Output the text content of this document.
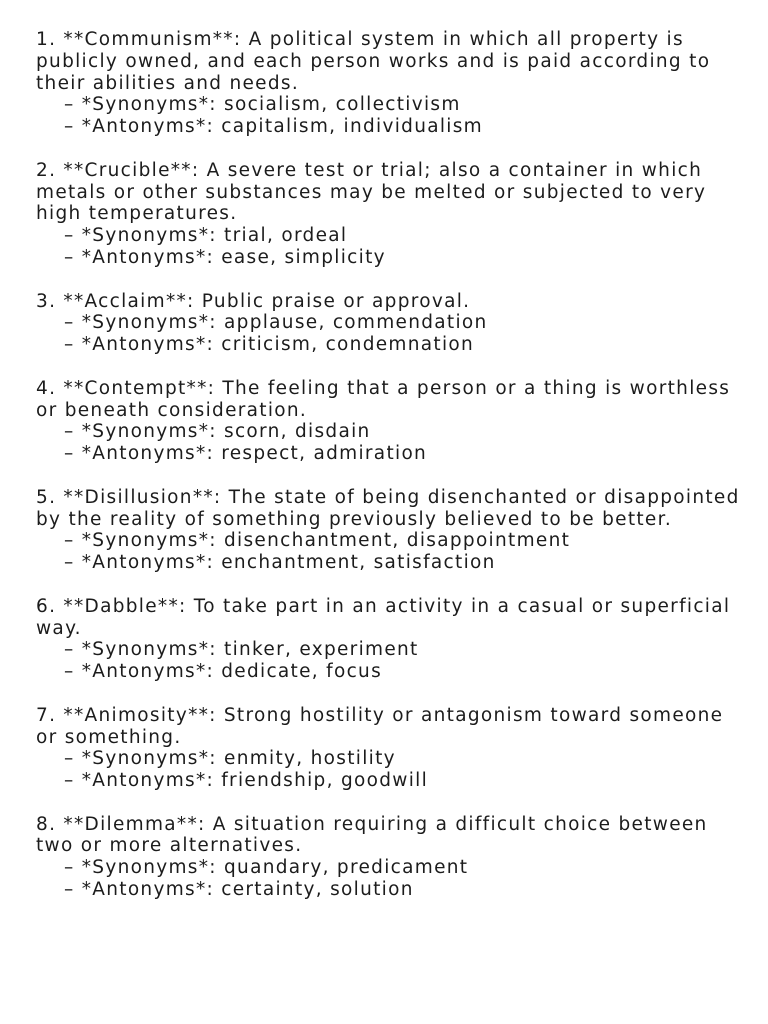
1. **Communism**: A political system in which all property is publicly owned, and each person works and is paid according to their abilities and needs.
– *Synonyms*: socialism, collectivism
– *Antonyms*: capitalism, individualism
2. **Crucible**: A severe test or trial; also a container in which metals or other substances may be melted or subjected to very high temperatures.
– *Synonyms*: trial, ordeal
– *Antonyms*: ease, simplicity
3. **Acclaim**: Public praise or approval.
– *Synonyms*: applause, commendation
– *Antonyms*: criticism, condemnation
4. **Contempt**: The feeling that a person or a thing is worthless or beneath consideration.
– *Synonyms*: scorn, disdain
– *Antonyms*: respect, admiration
5. **Disillusion**: The state of being disenchanted or disappointed by the reality of something previously believed to be better.
– *Synonyms*: disenchantment, disappointment
– *Antonyms*: enchantment, satisfaction
6. **Dabble**: To take part in an activity in a casual or superficial way.
– *Synonyms*: tinker, experiment
– *Antonyms*: dedicate, focus
7. **Animosity**: Strong hostility or antagonism toward someone or something.
– *Synonyms*: enmity, hostility
– *Antonyms*: friendship, goodwill
8. **Dilemma**: A situation requiring a difficult choice between two or more alternatives.
– *Synonyms*: quandary, predicament
– *Antonyms*: certainty, solution
